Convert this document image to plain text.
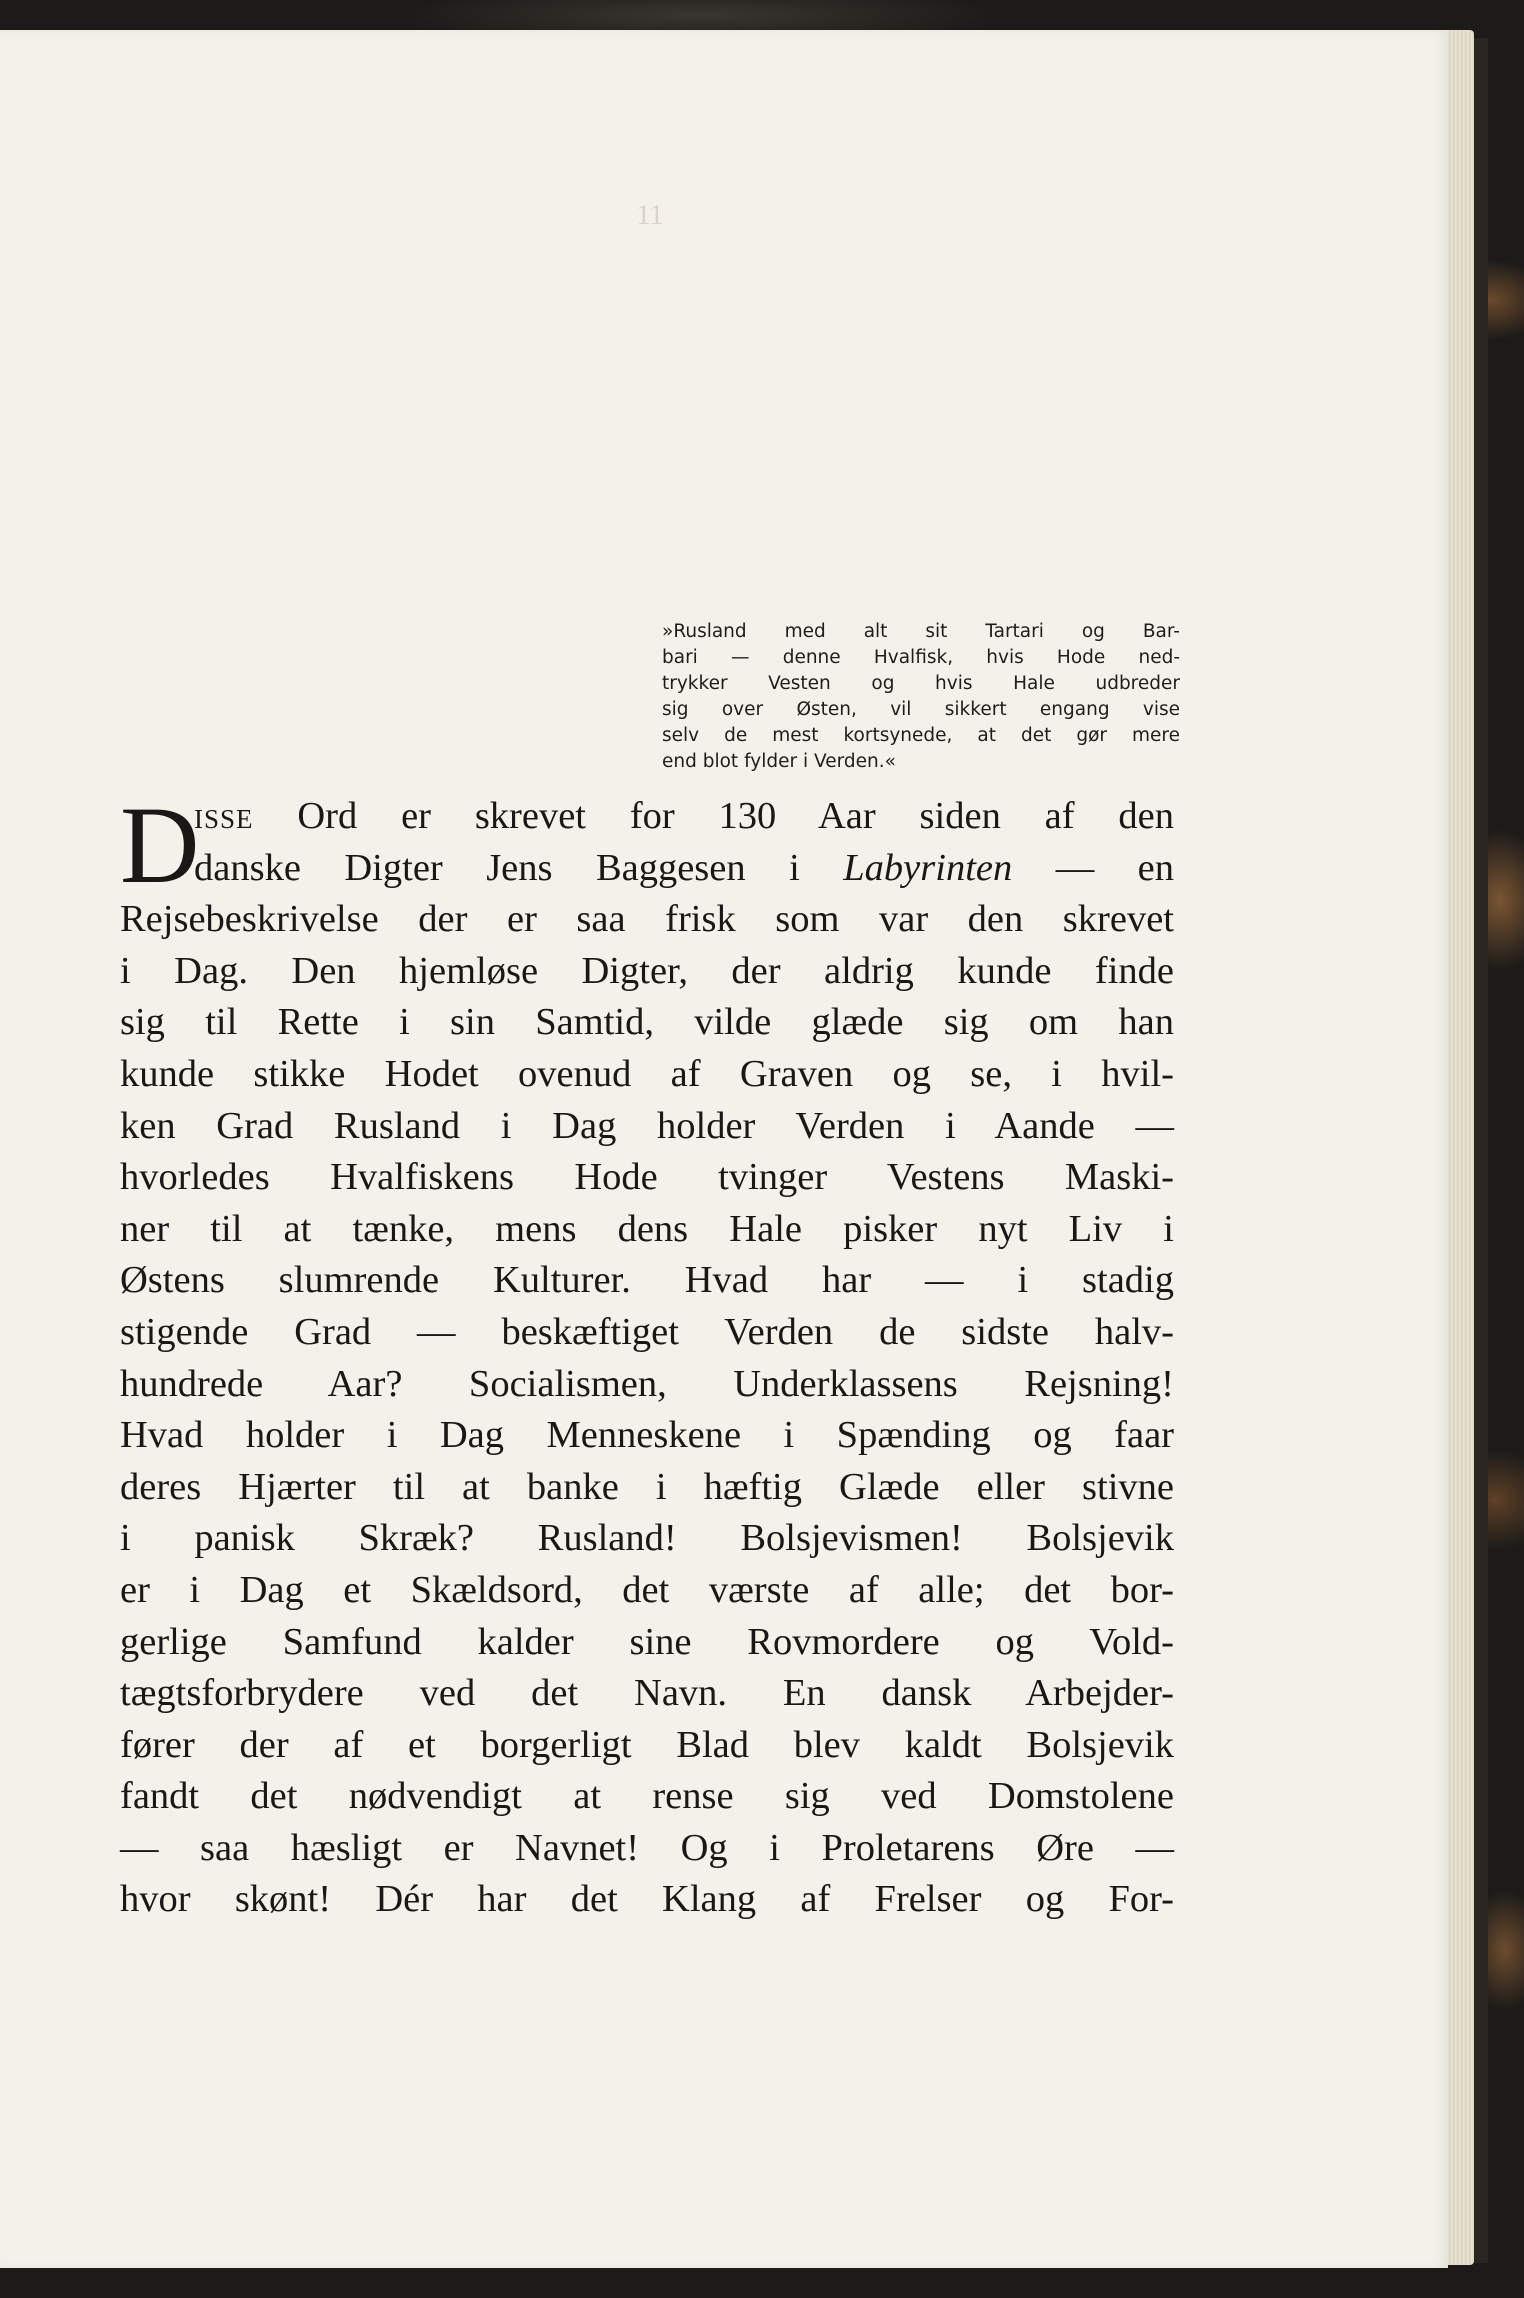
11
»Rusland med alt sit Tartari og Bar-
bari — denne Hvalfisk, hvis Hode ned-
trykker Vesten og hvis Hale udbreder
sig over Østen, vil sikkert engang vise
selv de mest kortsynede, at det gør mere
end blot fylder i Verden.«
D
isse Ord er skrevet for 130 Aar siden af den
danske Digter Jens Baggesen i Labyrinten — en
Rejsebeskrivelse der er saa frisk som var den skrevet
i Dag. Den hjemløse Digter, der aldrig kunde finde
sig til Rette i sin Samtid, vilde glæde sig om han
kunde stikke Hodet ovenud af Graven og se, i hvil-
ken Grad Rusland i Dag holder Verden i Aande —
hvorledes Hvalfiskens Hode tvinger Vestens Maski-
ner til at tænke, mens dens Hale pisker nyt Liv i
Østens slumrende Kulturer. Hvad har — i stadig
stigende Grad — beskæftiget Verden de sidste halv-
hundrede Aar? Socialismen, Underklassens Rejsning!
Hvad holder i Dag Menneskene i Spænding og faar
deres Hjærter til at banke i hæftig Glæde eller stivne
i panisk Skræk? Rusland! Bolsjevismen! Bolsjevik
er i Dag et Skældsord, det værste af alle; det bor-
gerlige Samfund kalder sine Rovmordere og Vold-
tægtsforbrydere ved det Navn. En dansk Arbejder-
fører der af et borgerligt Blad blev kaldt Bolsjevik
fandt det nødvendigt at rense sig ved Domstolene
— saa hæsligt er Navnet! Og i Proletarens Øre —
hvor skønt! Dér har det Klang af Frelser og For-
